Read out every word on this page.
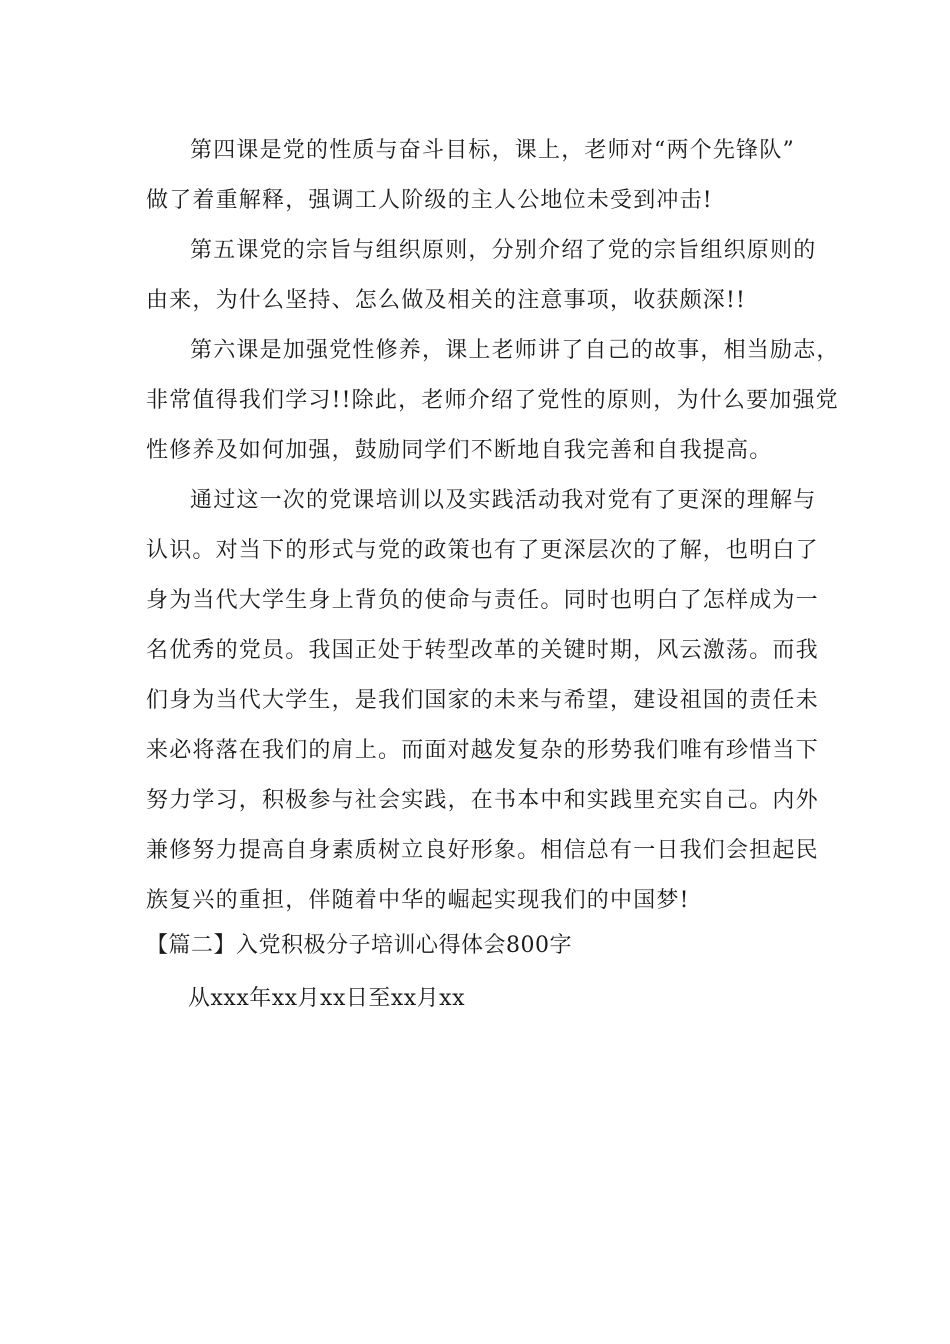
第四课是党的性质与奋斗目标，课上，老师对“两个先锋队”
做了着重解释，强调工人阶级的主人公地位未受到冲击!
第五课党的宗旨与组织原则，分别介绍了党的宗旨组织原则的
由来，为什么坚持、怎么做及相关的注意事项，收获颇深!!
第六课是加强党性修养，课上老师讲了自己的故事，相当励志，
非常值得我们学习!!除此，老师介绍了党性的原则，为什么要加强党
性修养及如何加强，鼓励同学们不断地自我完善和自我提高。
通过这一次的党课培训以及实践活动我对党有了更深的理解与
认识。对当下的形式与党的政策也有了更深层次的了解，也明白了
身为当代大学生身上背负的使命与责任。同时也明白了怎样成为一
名优秀的党员。我国正处于转型改革的关键时期，风云激荡。而我
们身为当代大学生，是我们国家的未来与希望，建设祖国的责任未
来必将落在我们的肩上。而面对越发复杂的形势我们唯有珍惜当下
努力学习，积极参与社会实践，在书本中和实践里充实自己。内外
兼修努力提高自身素质树立良好形象。相信总有一日我们会担起民
族复兴的重担，伴随着中华的崛起实现我们的中国梦!
【篇二】入党积极分子培训心得体会800字
从xxx年xx月xx日至xx月xx
